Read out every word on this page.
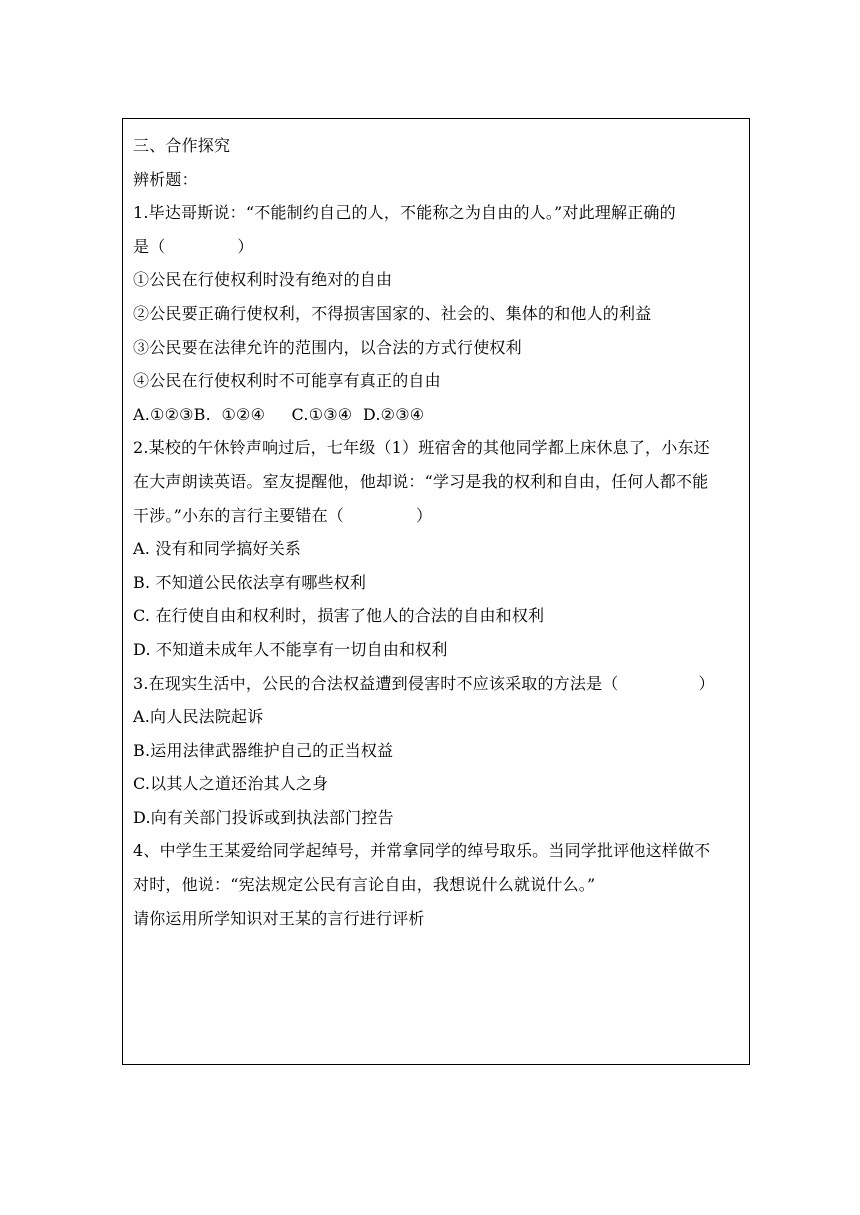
三、合作探究
辨析题：
1.毕达哥斯说：“不能制约自己的人，不能称之为自由的人。”对此理解正确的
是（	）
①公民在行使权利时没有绝对的自由
②公民要正确行使权利，不得损害国家的、社会的、集体的和他人的利益
③公民要在法律允许的范围内，以合法的方式行使权利
④公民在行使权利时不可能享有真正的自由
A.①②③B.  ①②④     C.①③④  D.②③④
2.某校的午休铃声响过后，七年级（1）班宿舍的其他同学都上床休息了，小东还
在大声朗读英语。室友提醒他，他却说：“学习是我的权利和自由，任何人都不能
干涉。”小东的言行主要错在（	）
A. 没有和同学搞好关系
B. 不知道公民依法享有哪些权利
C. 在行使自由和权利时，损害了他人的合法的自由和权利
D. 不知道未成年人不能享有一切自由和权利
3.在现实生活中，公民的合法权益遭到侵害时不应该采取的方法是（	）
A.向人民法院起诉
B.运用法律武器维护自己的正当权益
C.以其人之道还治其人之身
D.向有关部门投诉或到执法部门控告
4、中学生王某爱给同学起绰号，并常拿同学的绰号取乐。当同学批评他这样做不
对时，他说：“宪法规定公民有言论自由，我想说什么就说什么。”
请你运用所学知识对王某的言行进行评析
